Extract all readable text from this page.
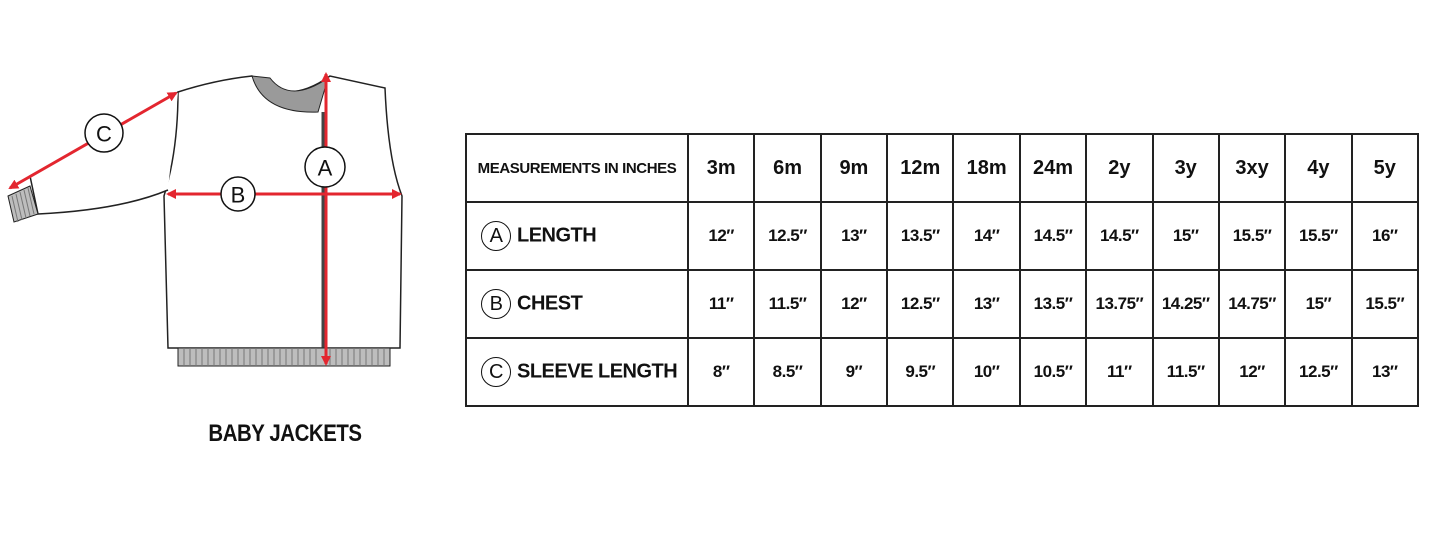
C
B
A
BABY JACKETS
MEASUREMENTS IN INCHES	3m	6m	9m	12m	18m	24m	2y	3y	3xy	4y	5y
A LENGTH	12″	12.5″	13″	13.5″	14″	14.5″	14.5″	15″	15.5″	15.5″	16″
B CHEST	11″	11.5″	12″	12.5″	13″	13.5″	13.75″	14.25″	14.75″	15″	15.5″
C SLEEVE LENGTH	8″	8.5″	9″	9.5″	10″	10.5″	11″	11.5″	12″	12.5″	13″
